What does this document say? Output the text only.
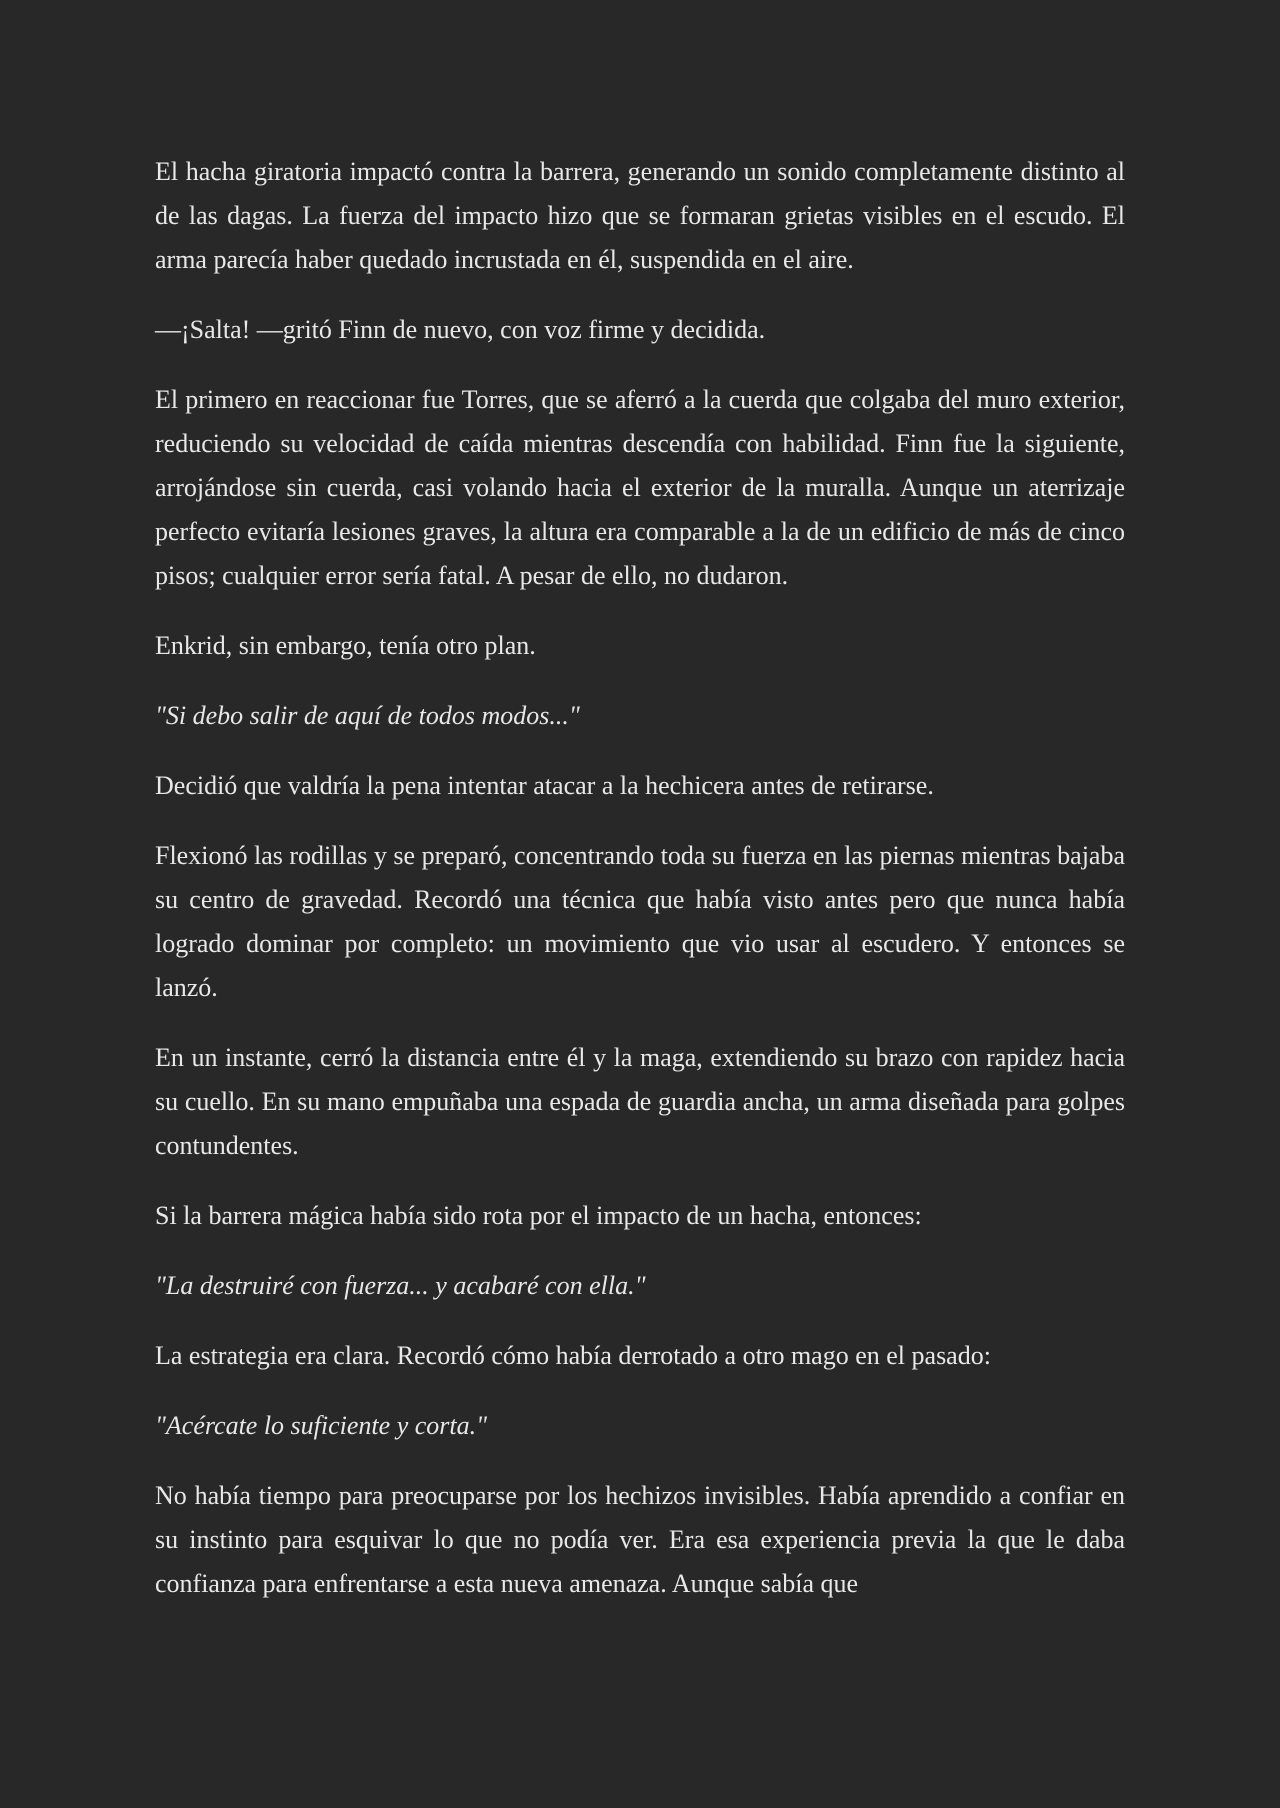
El hacha giratoria impactó contra la barrera, generando un sonido completamente distinto al de las dagas. La fuerza del impacto hizo que se formaran grietas visibles en el escudo. El arma parecía haber quedado incrustada en él, suspendida en el aire.

—¡Salta! —gritó Finn de nuevo, con voz firme y decidida.

El primero en reaccionar fue Torres, que se aferró a la cuerda que colgaba del muro exterior, reduciendo su velocidad de caída mientras descendía con habilidad. Finn fue la siguiente, arrojándose sin cuerda, casi volando hacia el exterior de la muralla. Aunque un aterrizaje perfecto evitaría lesiones graves, la altura era comparable a la de un edificio de más de cinco pisos; cualquier error sería fatal. A pesar de ello, no dudaron.

Enkrid, sin embargo, tenía otro plan.

"Si debo salir de aquí de todos modos..."

Decidió que valdría la pena intentar atacar a la hechicera antes de retirarse.

Flexionó las rodillas y se preparó, concentrando toda su fuerza en las piernas mientras bajaba su centro de gravedad. Recordó una técnica que había visto antes pero que nunca había logrado dominar por completo: un movimiento que vio usar al escudero. Y entonces se lanzó.

En un instante, cerró la distancia entre él y la maga, extendiendo su brazo con rapidez hacia su cuello. En su mano empuñaba una espada de guardia ancha, un arma diseñada para golpes contundentes.

Si la barrera mágica había sido rota por el impacto de un hacha, entonces:

"La destruiré con fuerza... y acabaré con ella."

La estrategia era clara. Recordó cómo había derrotado a otro mago en el pasado:

"Acércate lo suficiente y corta."

No había tiempo para preocuparse por los hechizos invisibles. Había aprendido a confiar en su instinto para esquivar lo que no podía ver. Era esa experiencia previa la que le daba confianza para enfrentarse a esta nueva amenaza. Aunque sabía que
